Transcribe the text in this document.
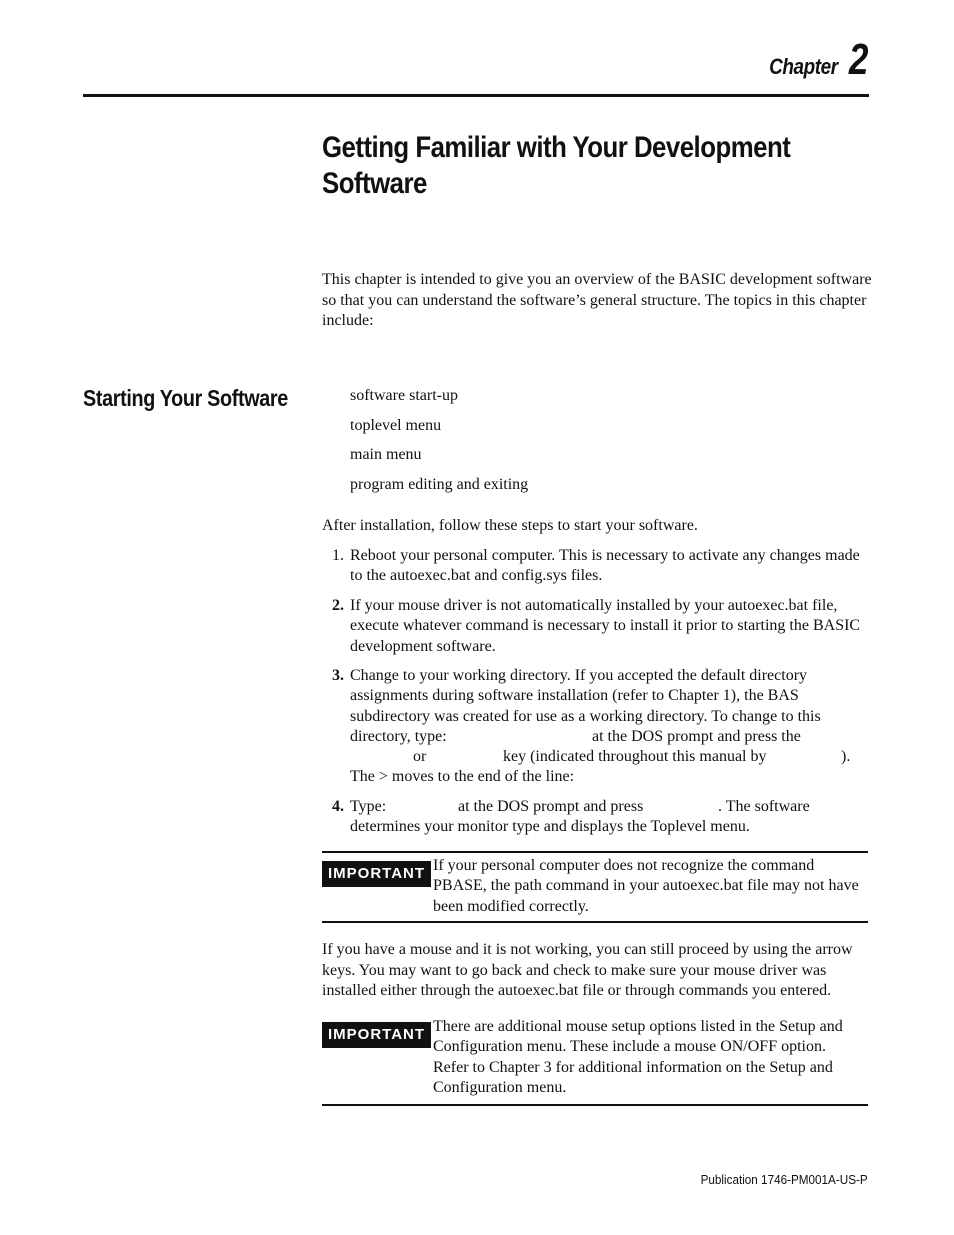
Chapter 2
Getting Familiar with Your Development Software

This chapter is intended to give you an overview of the BASIC development software so that you can understand the software’s general structure. The topics in this chapter include:

Starting Your Software	software start-up
toplevel menu
main menu
program editing and exiting

After installation, follow these steps to start your software.

1. Reboot your personal computer. This is necessary to activate any changes made to the autoexec.bat and config.sys files.

2. If your mouse driver is not automatically installed by your autoexec.bat file, execute whatever command is necessary to install it prior to starting the BASIC development software.

3. Change to your working directory. If you accepted the default directory
assignments during software installation (refer to Chapter 1), the BAS
subdirectory was created for use as a working directory. To change to this
directory, type:	at the DOS prompt and press the
or	key (indicated throughout this manual by	).
The > moves to the end of the line:
4. Type:	at the DOS prompt and press	. The software
determines your monitor type and displays the Toplevel menu.
IMPORTANT If your personal computer does not recognize the command PBASE, the path command in your autoexec.bat file may not have been modified correctly.

If you have a mouse and it is not working, you can still proceed by using the arrow keys. You may want to go back and check to make sure your mouse driver was installed either through the autoexec.bat file or through commands you entered.

IMPORTANT There are additional mouse setup options listed in the Setup and Configuration menu. These include a mouse ON/OFF option. Refer to Chapter 3 for additional information on the Setup and Configuration menu.

Publication 1746-PM001A-US-P
